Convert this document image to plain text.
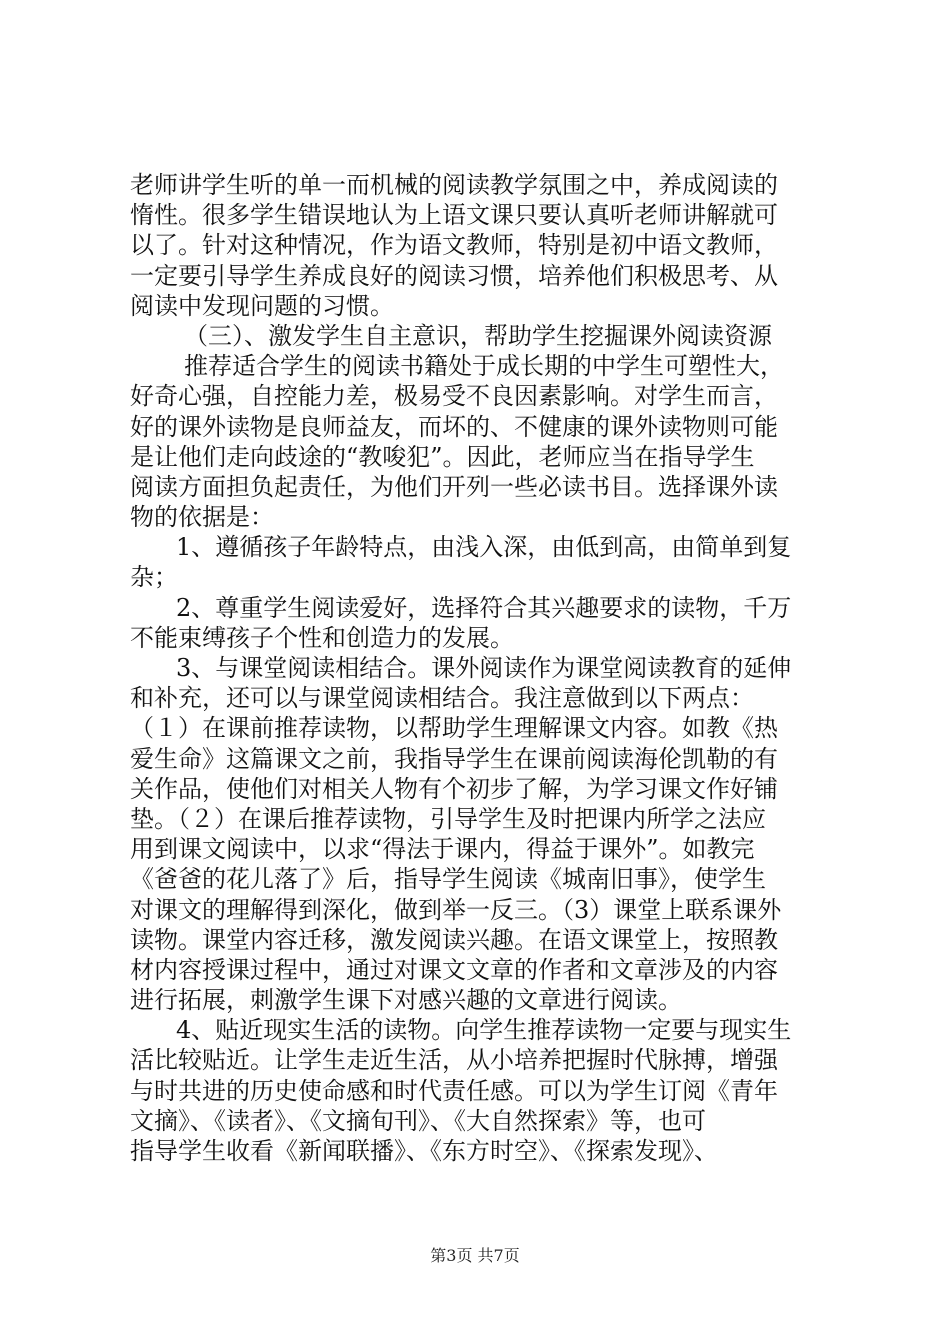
老师讲学生听的单一而机械的阅读教学氛围之中，养成阅读的
惰性。很多学生错误地认为上语文课只要认真听老师讲解就可
以了。针对这种情况，作为语文教师，特别是初中语文教师，
一定要引导学生养成良好的阅读习惯，培养他们积极思考、从
阅读中发现问题的习惯。
（三）、激发学生自主意识，帮助学生挖掘课外阅读资源
推荐适合学生的阅读书籍处于成长期的中学生可塑性大，
好奇心强，自控能力差，极易受不良因素影响。对学生而言，
好的课外读物是良师益友，而坏的、不健康的课外读物则可能
是让他们走向歧途的“教唆犯”。因此，老师应当在指导学生
阅读方面担负起责任，为他们开列一些必读书目。选择课外读
物的依据是：
1、遵循孩子年龄特点，由浅入深，由低到高，由简单到复
杂；
2、尊重学生阅读爱好，选择符合其兴趣要求的读物，千万
不能束缚孩子个性和创造力的发展。
3、与课堂阅读相结合。课外阅读作为课堂阅读教育的延伸
和补充，还可以与课堂阅读相结合。我注意做到以下两点：
（１）在课前推荐读物，以帮助学生理解课文内容。如教《热
爱生命》这篇课文之前，我指导学生在课前阅读海伦凯勒的有
关作品，使他们对相关人物有个初步了解，为学习课文作好铺
垫。（２）在课后推荐读物，引导学生及时把课内所学之法应
用到课文阅读中，以求“得法于课内，得益于课外”。如教完
《爸爸的花儿落了》后，指导学生阅读《城南旧事》，使学生
对课文的理解得到深化，做到举一反三。（3）课堂上联系课外
读物。课堂内容迁移，激发阅读兴趣。在语文课堂上，按照教
材内容授课过程中，通过对课文文章的作者和文章涉及的内容
进行拓展，刺激学生课下对感兴趣的文章进行阅读。
4、贴近现实生活的读物。向学生推荐读物一定要与现实生
活比较贴近。让学生走近生活，从小培养把握时代脉搏，增强
与时共进的历史使命感和时代责任感。可以为学生订阅《青年
文摘》、《读者》、《文摘旬刊》、《大自然探索》等，也可
指导学生收看《新闻联播》、《东方时空》、《探索发现》、
第3页 共7页
